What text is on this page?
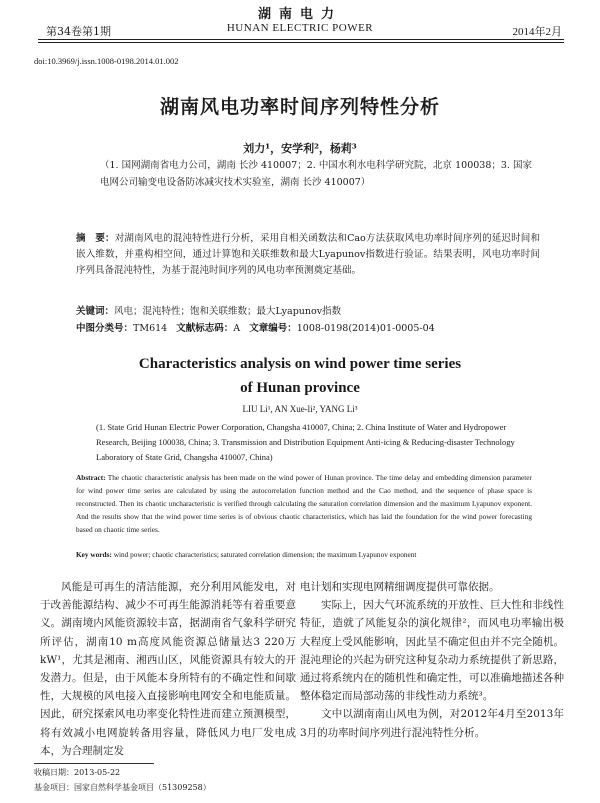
湖南电力
第34卷第1期	HUNAN ELECTRIC POWER	2014年2月
doi:10.3969/j.issn.1008-0198.2014.01.002
湖南风电功率时间序列特性分析
刘力¹，安学利²，杨莉³
（1. 国网湖南省电力公司，湖南 长沙 410007；2. 中国水利水电科学研究院，北京 100038；3. 国家电网公司输变电设备防冰减灾技术实验室，湖南 长沙 410007）
摘　要：对湖南风电的混沌特性进行分析，采用自相关函数法和Cao方法获取风电功率时间序列的延迟时间和嵌入维数，并重构相空间，通过计算饱和关联维数和最大Lyapunov指数进行验证。结果表明，风电功率时间序列具备混沌特性，为基于混沌时间序列的风电功率预测奠定基础。
关键词：风电；混沌特性；饱和关联维数；最大Lyapunov指数
中图分类号：TM614 文献标志码：A 文章编号：1008-0198(2014)01-0005-04
Characteristics analysis on wind power time series
of Hunan province
LIU Li¹, AN Xue-li², YANG Li³
(1. State Grid Hunan Electric Power Corporation, Changsha 410007, China; 2. China Institute of Water and Hydropower Research, Beijing 100038, China; 3. Transmission and Distribution Equipment Anti-icing & Reducing-disaster Technology Laboratory of State Grid, Changsha 410007, China)
Abstract: The chaotic characteristic analysis has been made on the wind power of Hunan province. The time delay and embedding dimension parameter for wind power time series are calculated by using the autocorrelation function method and the Cao method, and the sequence of phase space is reconstructed. Then its chaotic uncharacteristic is verified through calculating the saturation correlation dimension and the maximum Lyapunov exponent. And the results show that the wind power time series is of obvious chaotic characteristics, which has laid the foundation for the wind power forecasting based on chaotic time series.
Key words: wind power; chaotic characteristics; saturated correlation dimension; the maximum Lyapunov exponent

风能是可再生的清洁能源，充分利用风能发电，对于改善能源结构、减少不可再生能源消耗等有着重要意义。湖南境内风能资源较丰富，据湖南省气象科学研究所评估，湖南10 m高度风能资源总储量达3 220万kW¹，尤其是湘南、湘西山区，风能资源具有较大的开发潜力。但是，由于风能本身所特有的不确定性和间歇性，大规模的风电接入直接影响电网安全和电能质量。因此，研究探索风电功率变化特性进而建立预测模型，将有效减小电网旋转备用容量，降低风力电厂发电成本，为合理制定发

电计划和实现电网精细调度提供可靠依据。

实际上，因大气环流系统的开放性、巨大性和非线性特征，造就了风能复杂的演化规律²，而风电功率输出极大程度上受风能影响，因此呈不确定但由并不完全随机。混沌理论的兴起为研究这种复杂动力系统提供了新思路，通过将系统内在的随机性和确定性，可以准确地描述各种整体稳定而局部动荡的非线性动力系统³。

文中以湖南南山风电为例，对2012年4月至2013年3月的功率时间序列进行混沌特性分析。

收稿日期：2013-05-22
基金项目：国家自然科学基金项目（51309258）
